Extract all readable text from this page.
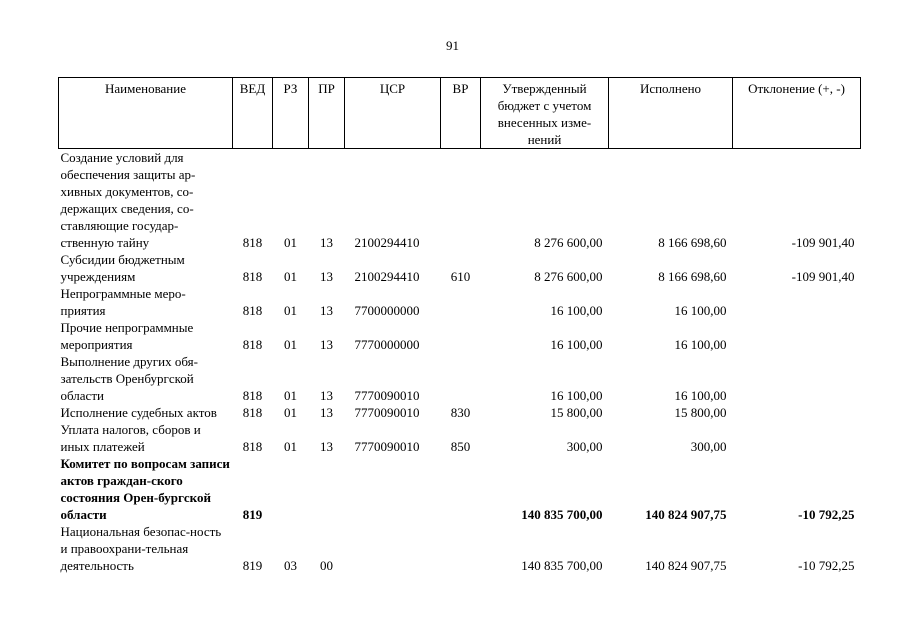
91
Наименование	ВЕД	РЗ	ПР	ЦСР	ВР	Утвержденный бюджет с учетом внесенных изме-нений	Исполнено	Отклонение (+, -)
Создание условий для обеспечения защиты ар-хивных документов, со-держащих сведения, со-ставляющие государ-ственную тайну	818	01	13	2100294410		8 276 600,00	8 166 698,60	-109 901,40
Субсидии бюджетным учреждениям	818	01	13	2100294410	610	8 276 600,00	8 166 698,60	-109 901,40
Непрограммные меро-приятия	818	01	13	7700000000		16 100,00	16 100,00	
Прочие непрограммные мероприятия	818	01	13	7770000000		16 100,00	16 100,00	
Выполнение других обя-зательств Оренбургской области	818	01	13	7770090010		16 100,00	16 100,00	
Исполнение судебных актов	818	01	13	7770090010	830	15 800,00	15 800,00	
Уплата налогов, сборов и иных платежей	818	01	13	7770090010	850	300,00	300,00	
Комитет по вопросам записи актов граждан-ского состояния Орен-бургской области	819					140 835 700,00	140 824 907,75	-10 792,25
Национальная безопас-ность и правоохрани-тельная деятельность	819	03	00			140 835 700,00	140 824 907,75	-10 792,25
